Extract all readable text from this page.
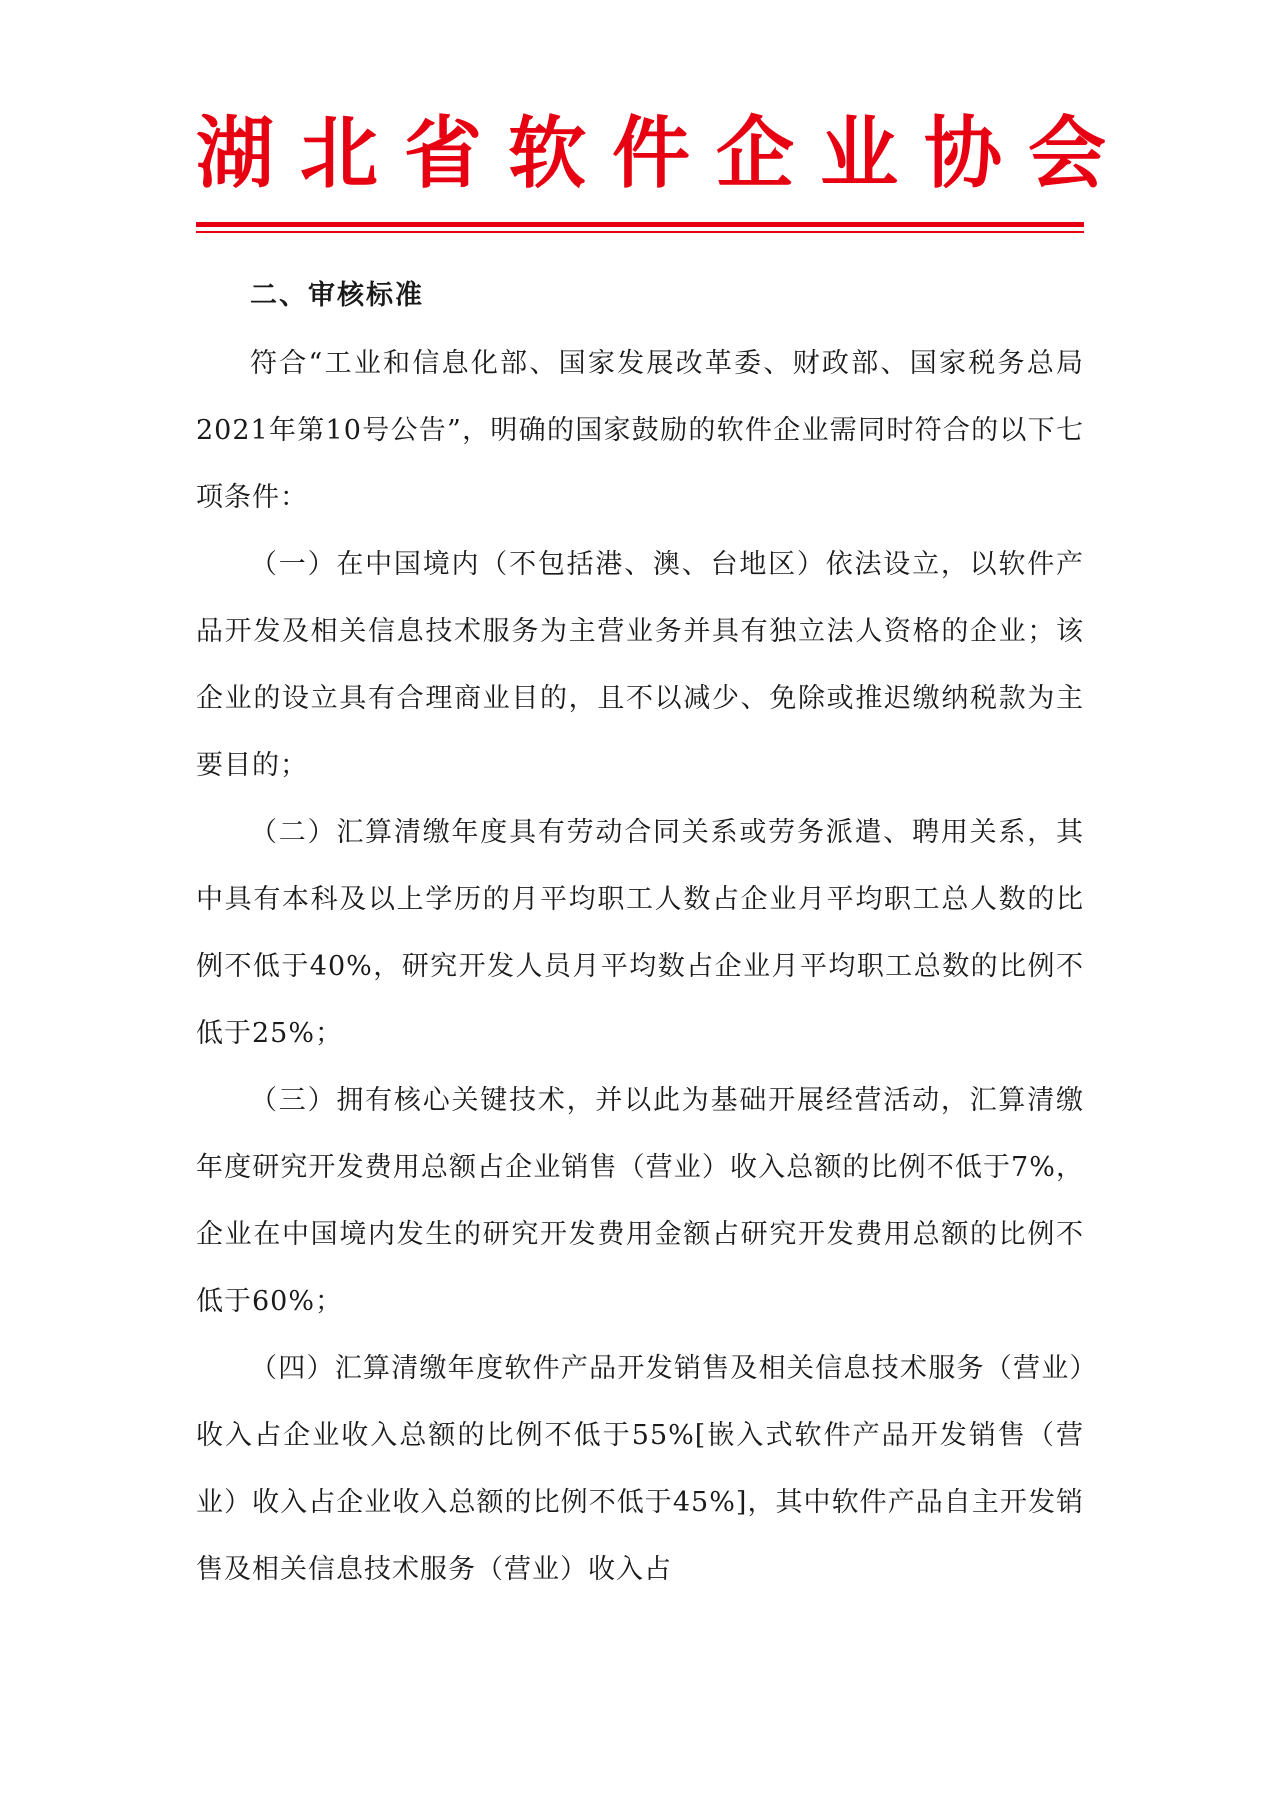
湖北省软件企业协会

二、审核标准

符合“工业和信息化部、国家发展改革委、财政部、国家税务总局2021年第10号公告”，明确的国家鼓励的软件企业需同时符合的以下七项条件：

（一）在中国境内（不包括港、澳、台地区）依法设立，以软件产品开发及相关信息技术服务为主营业务并具有独立法人资格的企业；该企业的设立具有合理商业目的，且不以减少、免除或推迟缴纳税款为主要目的；

（二）汇算清缴年度具有劳动合同关系或劳务派遣、聘用关系，其中具有本科及以上学历的月平均职工人数占企业月平均职工总人数的比例不低于40%，研究开发人员月平均数占企业月平均职工总数的比例不低于25%；

（三）拥有核心关键技术，并以此为基础开展经营活动，汇算清缴年度研究开发费用总额占企业销售（营业）收入总额的比例不低于7%，企业在中国境内发生的研究开发费用金额占研究开发费用总额的比例不低于60%；

（四）汇算清缴年度软件产品开发销售及相关信息技术服务（营业）收入占企业收入总额的比例不低于55%[嵌入式软件产品开发销售（营业）收入占企业收入总额的比例不低于45%]，其中软件产品自主开发销售及相关信息技术服务（营业）收入占
